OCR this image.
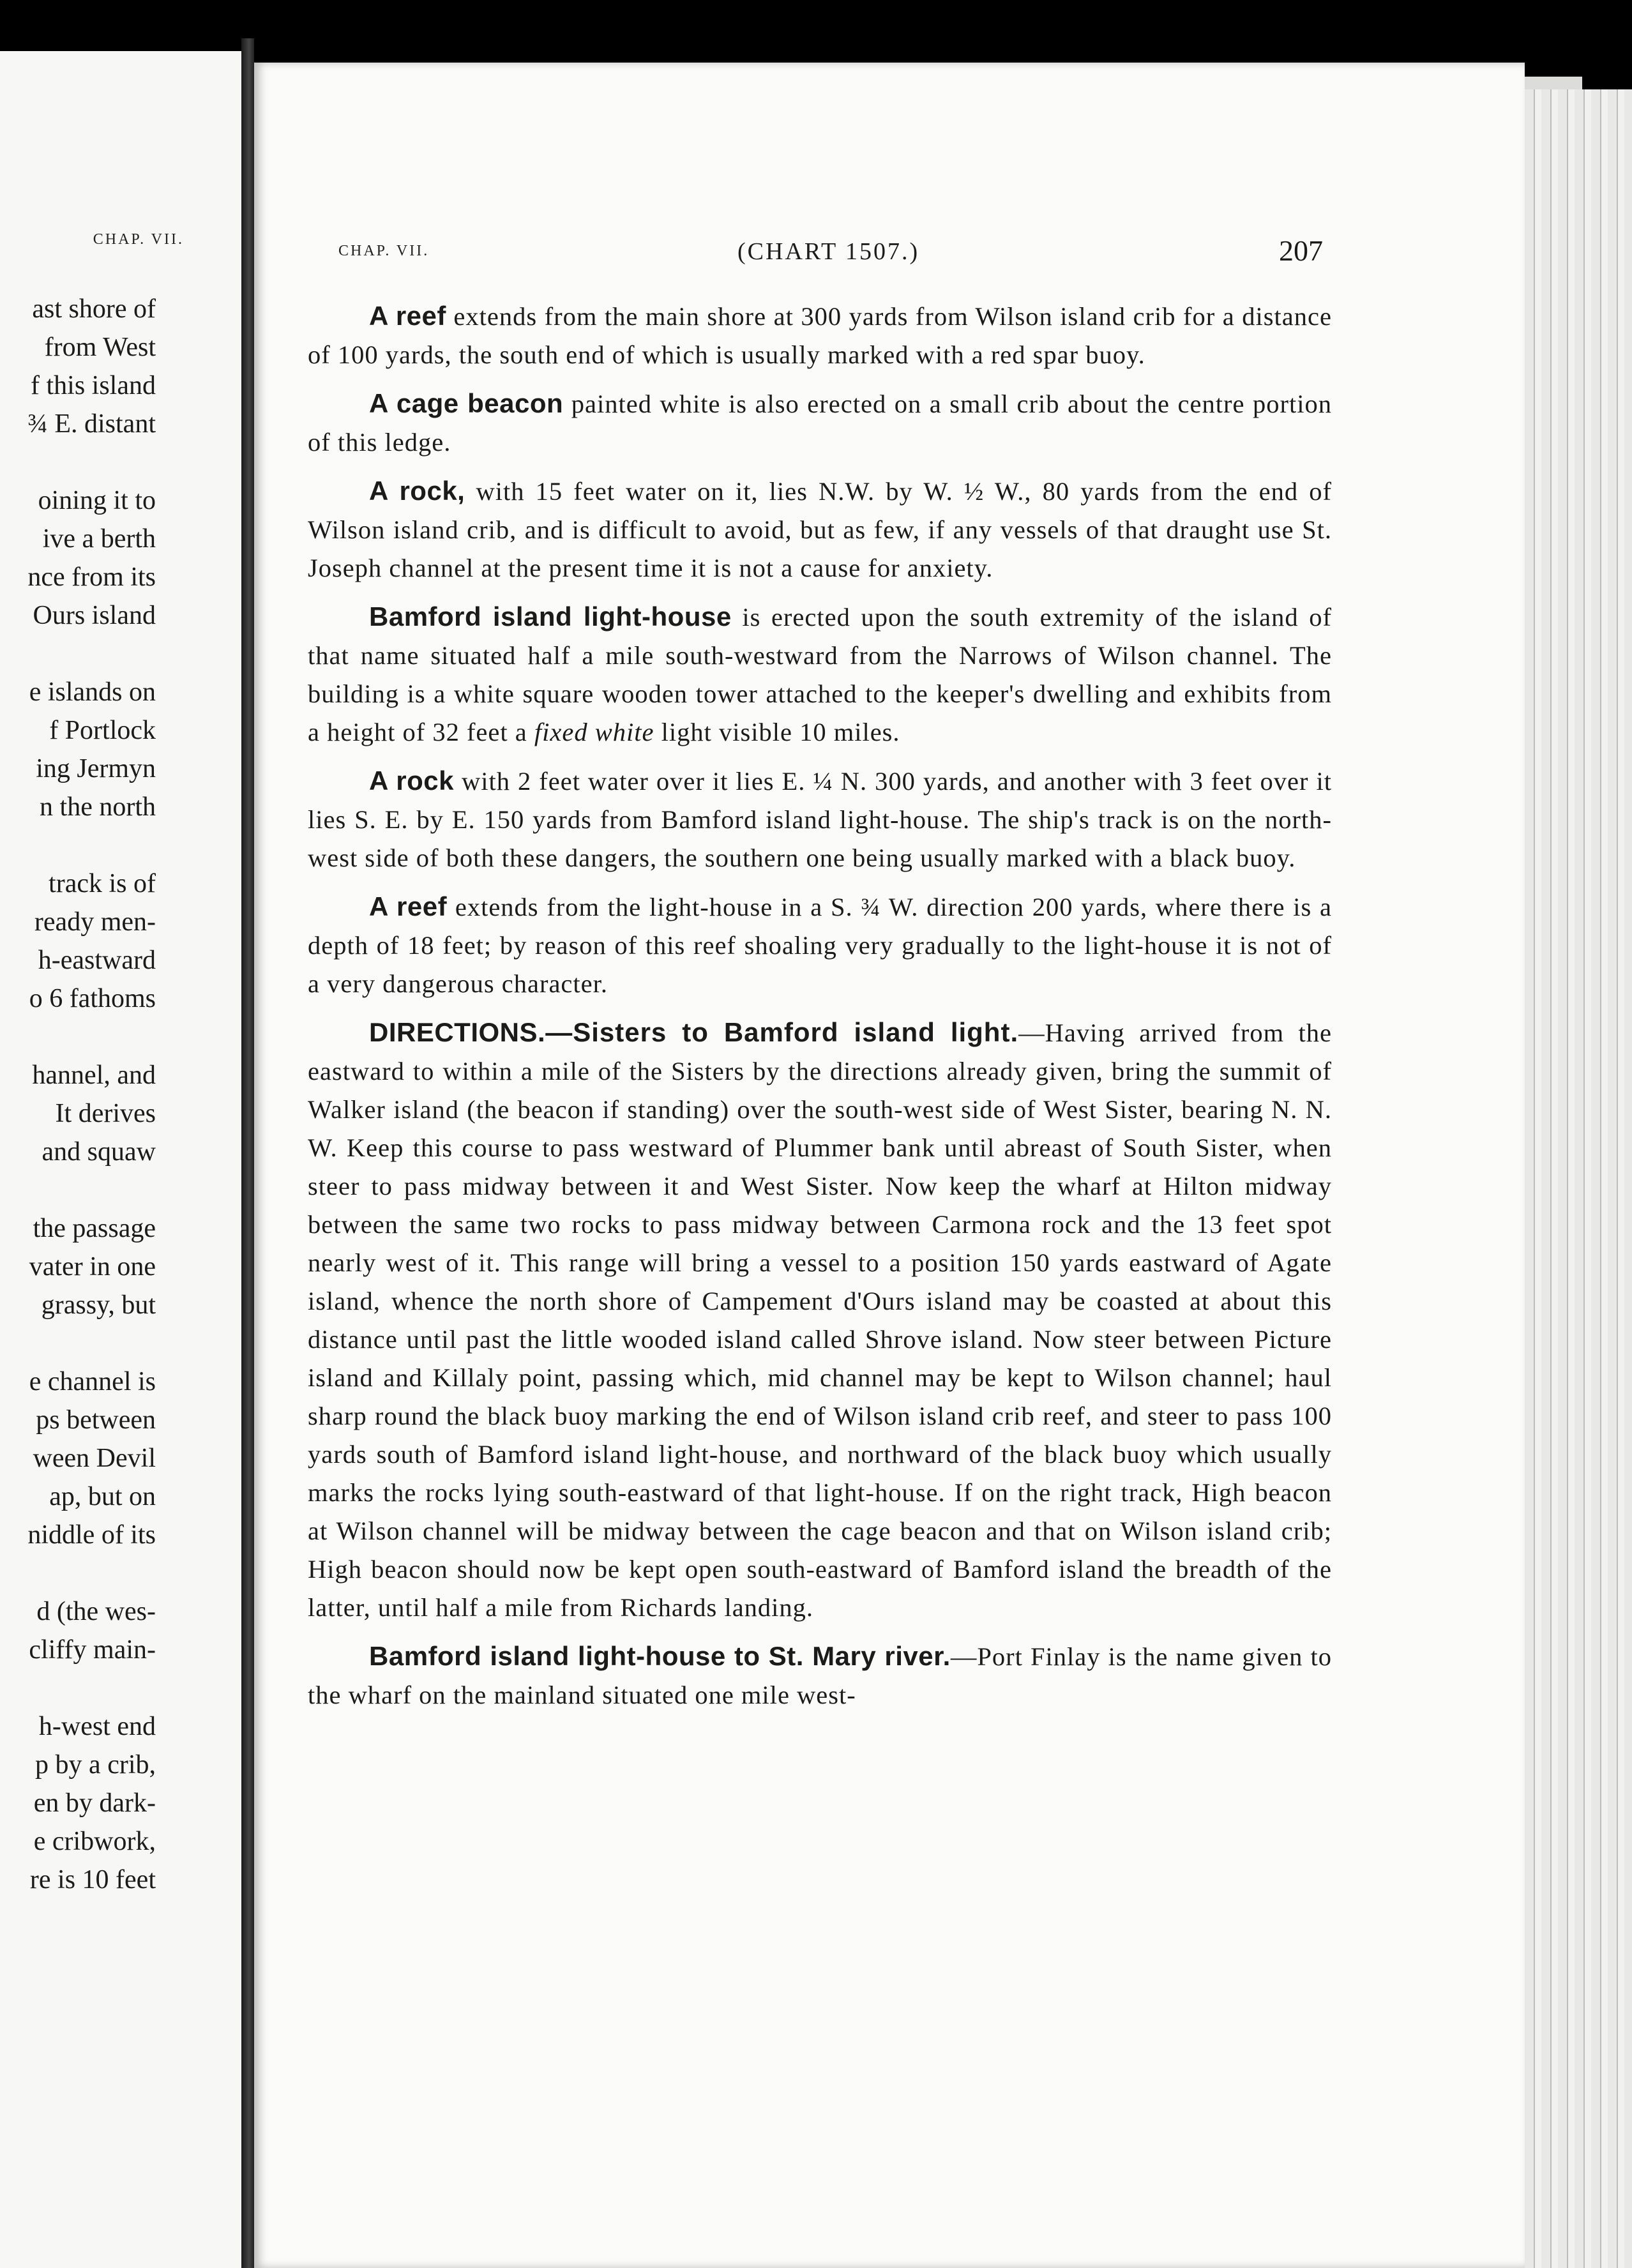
CHAP. VII.
ast shore of
from West
f this island
¾ E. distant
oining it to
ive a berth
nce from its
Ours island
e islands on
f Portlock
ing Jermyn
n the north
track is of
ready men-
h-eastward
o 6 fathoms
hannel, and
It derives
and squaw
the passage
vater in one
grassy, but
e channel is
ps between
ween Devil
ap, but on
niddle of its
d (the wes-
cliffy main-
h-west end
p by a crib,
en by dark-
e cribwork,
re is 10 feet
CHAP. VII.	(CHART 1507.)	207

A reef extends from the main shore at 300 yards from Wilson island crib for a distance of 100 yards, the south end of which is usually marked with a red spar buoy.

A cage beacon painted white is also erected on a small crib about the centre portion of this ledge.

A rock, with 15 feet water on it, lies N.W. by W. ½ W., 80 yards from the end of Wilson island crib, and is difficult to avoid, but as few, if any vessels of that draught use St. Joseph channel at the present time it is not a cause for anxiety.

Bamford island light-house is erected upon the south extremity of the island of that name situated half a mile south-westward from the Narrows of Wilson channel. The building is a white square wooden tower attached to the keeper's dwelling and exhibits from a height of 32 feet a fixed white light visible 10 miles.

A rock with 2 feet water over it lies E. ¼ N. 300 yards, and another with 3 feet over it lies S. E. by E. 150 yards from Bamford island light-house. The ship's track is on the north-west side of both these dangers, the southern one being usually marked with a black buoy.

A reef extends from the light-house in a S. ¾ W. direction 200 yards, where there is a depth of 18 feet; by reason of this reef shoaling very gradually to the light-house it is not of a very dangerous character.

DIRECTIONS.—Sisters to Bamford island light.—Having arrived from the eastward to within a mile of the Sisters by the directions already given, bring the summit of Walker island (the beacon if standing) over the south-west side of West Sister, bearing N. N. W. Keep this course to pass westward of Plummer bank until abreast of South Sister, when steer to pass midway between it and West Sister. Now keep the wharf at Hilton midway between the same two rocks to pass midway between Carmona rock and the 13 feet spot nearly west of it. This range will bring a vessel to a position 150 yards eastward of Agate island, whence the north shore of Campement d'Ours island may be coasted at about this distance until past the little wooded island called Shrove island. Now steer between Picture island and Killaly point, passing which, mid channel may be kept to Wilson channel; haul sharp round the black buoy marking the end of Wilson island crib reef, and steer to pass 100 yards south of Bamford island light-house, and northward of the black buoy which usually marks the rocks lying south-eastward of that light-house. If on the right track, High beacon at Wilson channel will be midway between the cage beacon and that on Wilson island crib; High beacon should now be kept open south-eastward of Bamford island the breadth of the latter, until half a mile from Richards landing.

Bamford island light-house to St. Mary river.—Port Finlay is the name given to the wharf on the mainland situated one mile west-
